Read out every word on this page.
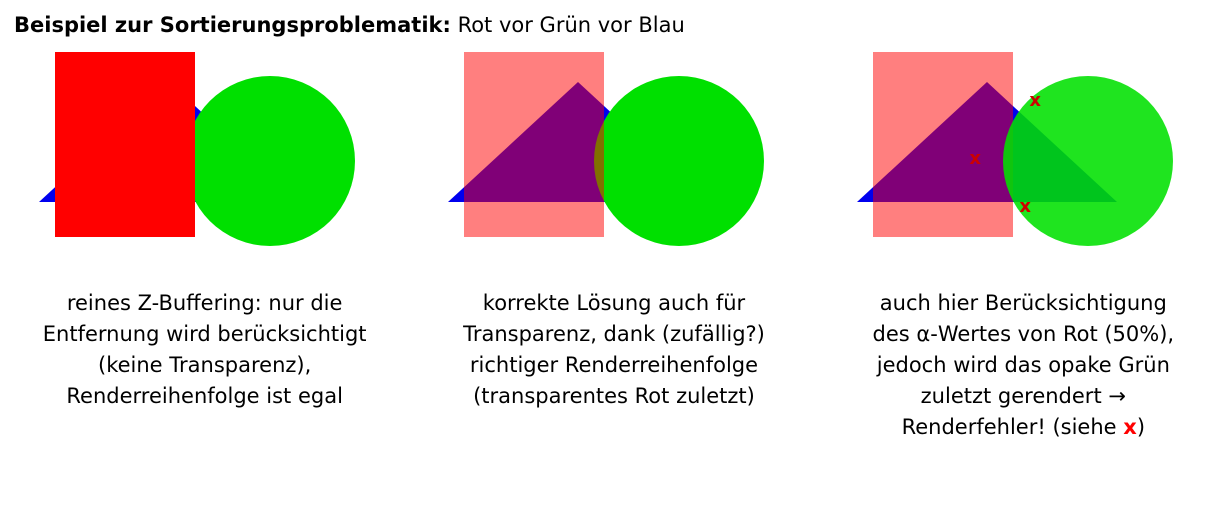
Beispiel zur Sortierungsproblematik: Rot vor Grün vor Blau
reines Z-Buffering: nur die Entfernung wird berücksichtigt (keine Transparenz), Renderreihenfolge ist egal
korrekte Lösung auch für Transparenz, dank (zufällig?) richtiger Renderreihenfolge (transparentes Rot zuletzt)
x
x
x
auch hier Berücksichtigung des α-Wertes von Rot (50%), jedoch wird das opake Grün zuletzt gerendert → Renderfehler! (siehe x)
